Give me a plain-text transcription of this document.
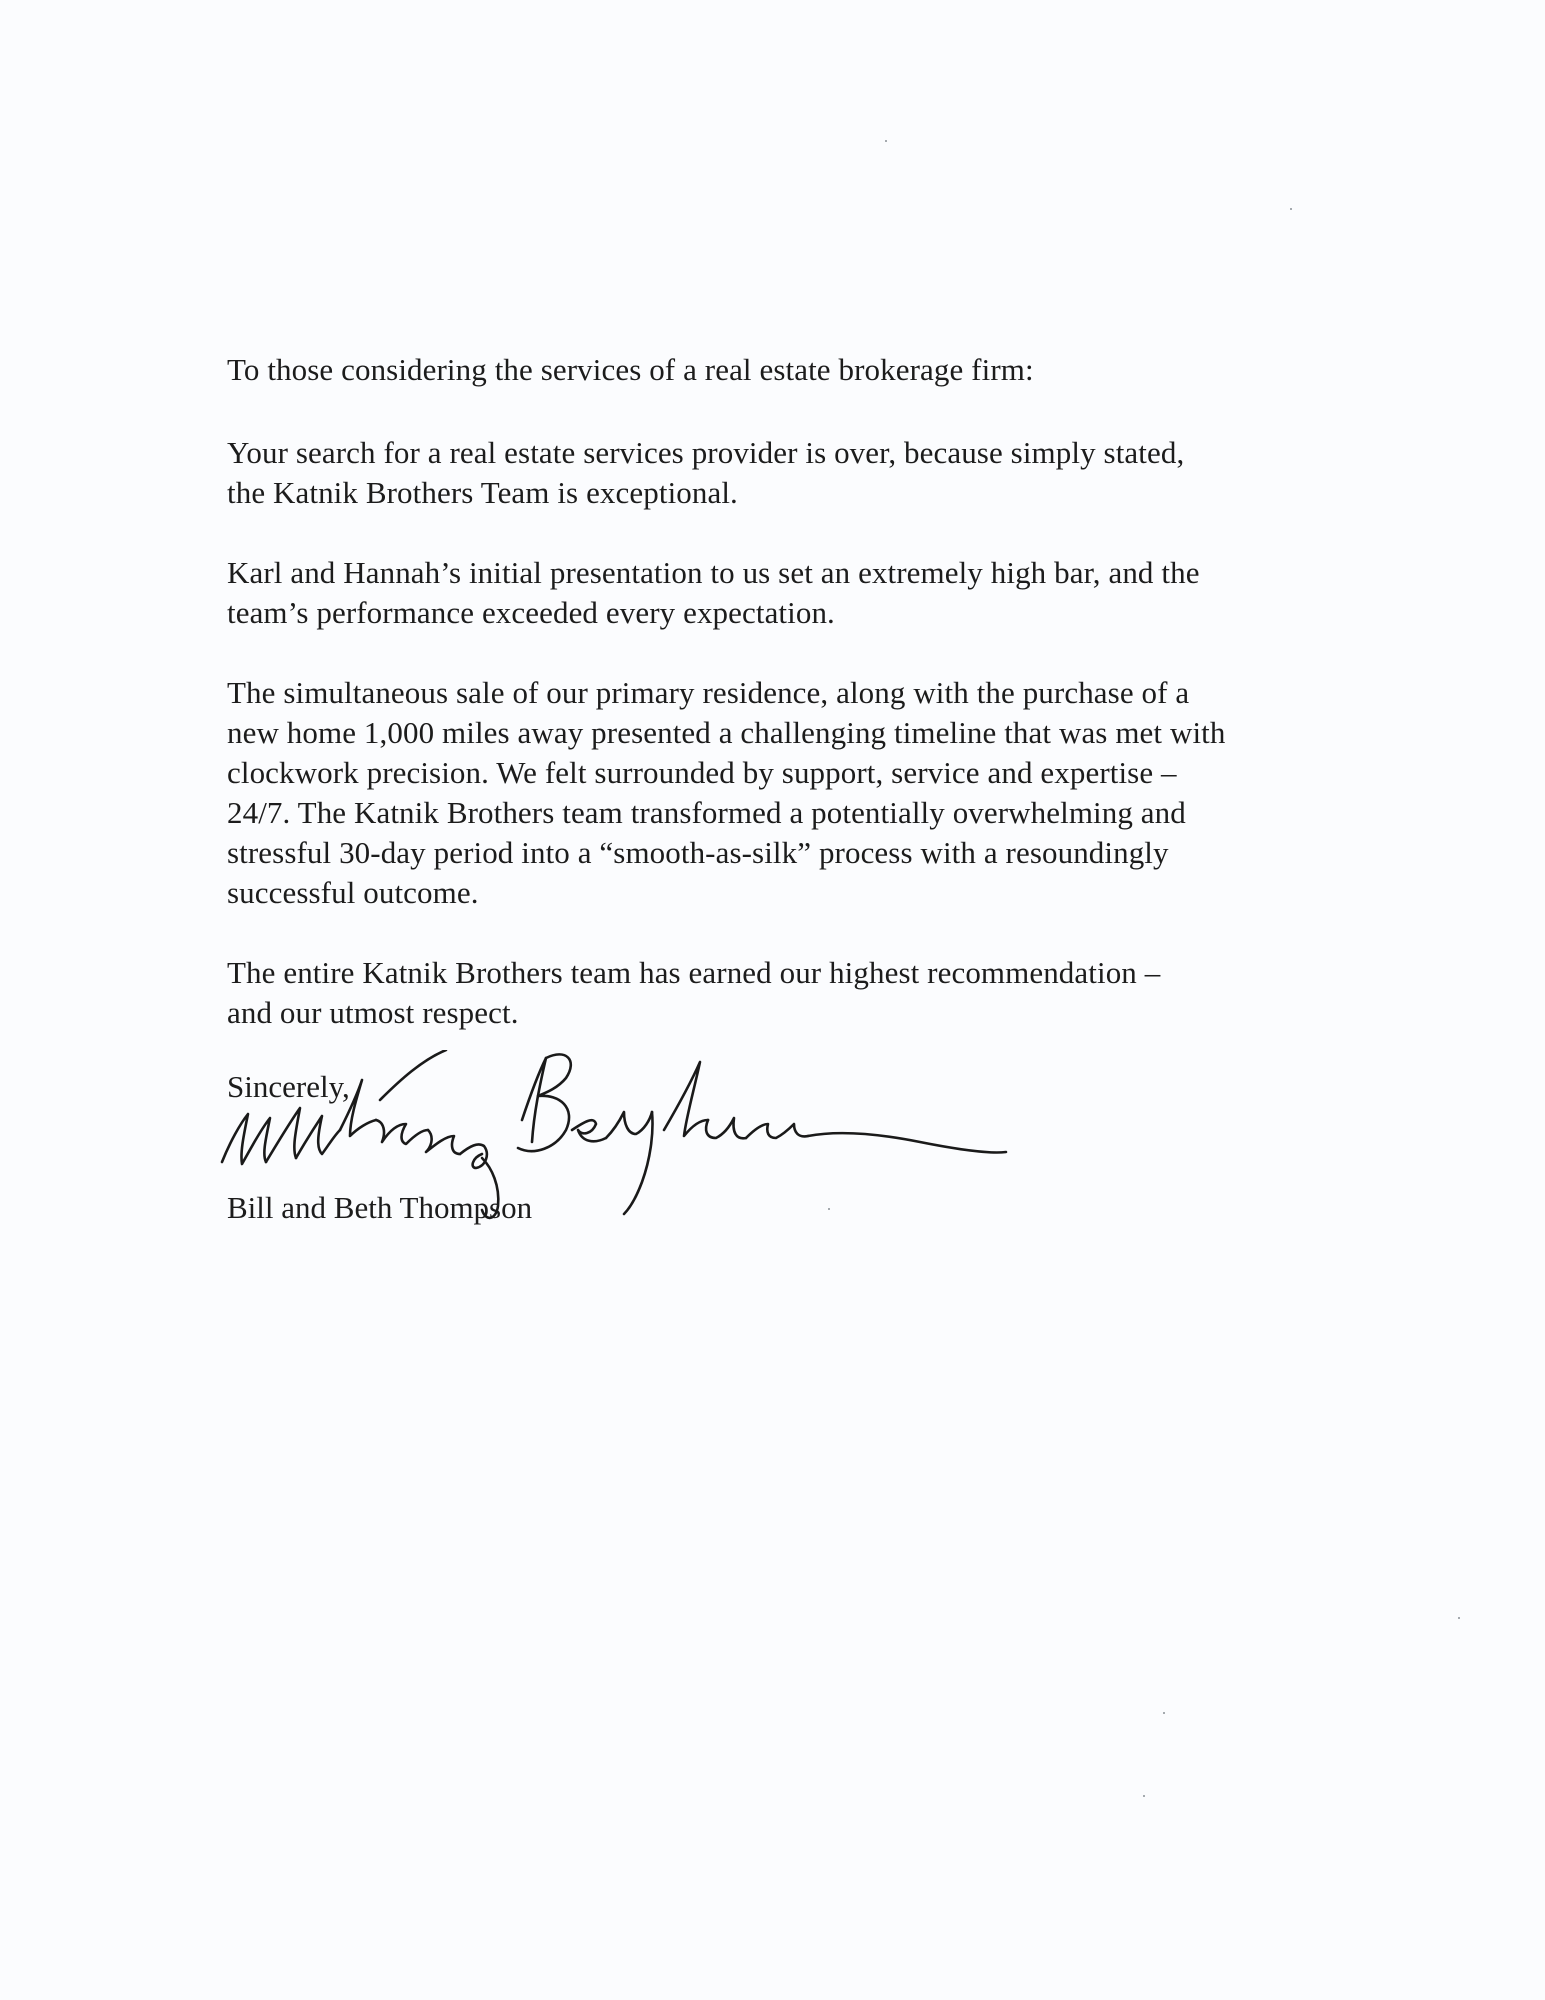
To those considering the services of a real estate brokerage firm:

Your search for a real estate services provider is over, because simply stated,
the Katnik Brothers Team is exceptional.

Karl and Hannah’s initial presentation to us set an extremely high bar, and the
team’s performance exceeded every expectation.

The simultaneous sale of our primary residence, along with the purchase of a
new home 1,000 miles away presented a challenging timeline that was met with
clockwork precision. We felt surrounded by support, service and expertise –
24/7. The Katnik Brothers team transformed a potentially overwhelming and
stressful 30-day period into a “smooth-as-silk” process with a resoundingly
successful outcome.

The entire Katnik Brothers team has earned our highest recommendation –
and our utmost respect.

Sincerely,
Bill and Beth Thompson
